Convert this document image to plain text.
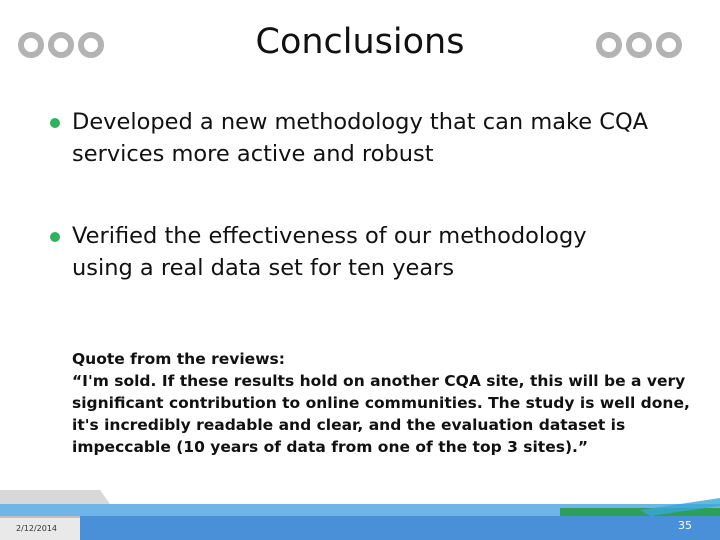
Conclusions
Developed a new methodology that can make CQA
services more active and robust
Verified the effectiveness of our methodology
using a real data set for ten years
Quote from the reviews:
“I'm sold. If these results hold on another CQA site, this will be a very
significant contribution to online communities. The study is well done,
it's incredibly readable and clear, and the evaluation dataset is
impeccable (10 years of data from one of the top 3 sites).”
2/12/2014	35
